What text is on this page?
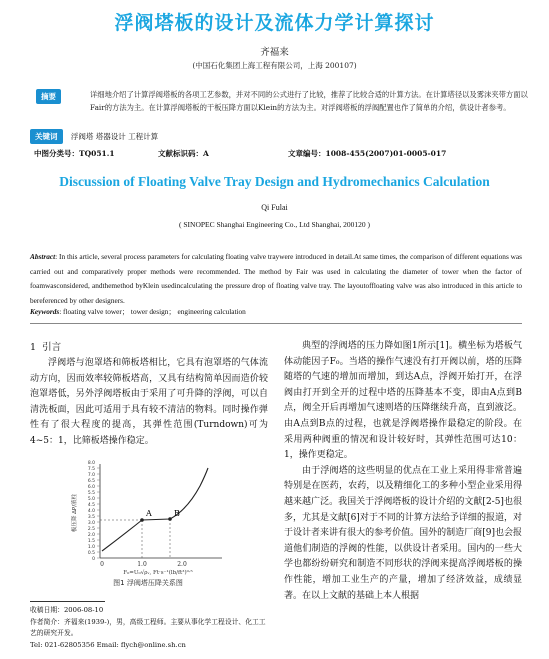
浮阀塔板的设计及流体力学计算探讨
齐福来
(中国石化集团上海工程有限公司，上海 200107)
摘要	详细地介绍了计算浮阀塔板的各项工艺参数，并对不同的公式进行了比较，推荐了比较合适的计算方法。在计算塔径以及雾沫夹带方面以Fair的方法为主。在计算浮阀塔板的干板压降方面以Klein的方法为主。对浮阀塔板的浮阀配置也作了简单的介绍，供设计者参考。
关键词 浮阀塔 塔器设计 工程计算
中图分类号：TQ051.1	文献标识码：A	文章编号：1008-455(2007)01-0005-017
Discussion of Floating Valve Tray Design and Hydromechanics Calculation
Qi Fulai
( SINOPEC Shanghai Engineering Co., Ltd Shanghai, 200120 )
Abstract: In this article, several process parameters for calculating floating valve traywere introduced in detail.At same times, the comparison of different equations was carried out and comparatively proper methods were recommended. The method by Fair was used in calculating the diameter of tower when the factor of foamwasconsidered, andthemethod byKlein usedincalculating the pressure drop of floating valve tray. The layoutoffloating valve was also introduced in this article to bereferenced by other designers.
Keywords: floating valve tower； tower design； engineering calculation
1 引言

浮阀塔与泡罩塔和筛板塔相比，它具有泡罩塔的气体流动方向，因而效率较筛板塔高，又具有结构简单因而造价较泡罩塔低，另外浮阀塔板由于采用了可升降的浮阀，可以自清洗板面，因此可适用于具有较不清洁的物料。同时操作弹性有了很大程度的提高，其弹性范围(Turndown)可为4~5：1，比筛板塔操作稳定。

A	B
0
0.5
1.0
1.5
2.0
2.5
3.0
3.5
4.0
4.5
5.0
5.5
6.0
6.5
7.0
7.5
8.0
0	1.0	2.0
板压降 ΔP/液柱
F₀=U₀√ρᵥ, Ft·s⁻¹(lb/ft³)⁰·⁵
图1 浮阀塔压降关系图
收稿日期：2006-08-10
作者简介：齐福来(1939-)，男，高级工程师。主要从事化学工程设计、化工工艺的研究开发。
Tel: 021-62805356 Email: flych@online.sh.cn

典型的浮阀塔的压力降如图1所示[1]。横坐标为塔板气体动能因子F₀。当塔的操作气速没有打开阀以前，塔的压降随塔的气速的增加而增加，到达A点，浮阀开始打开，在浮阀由打开到全开的过程中塔的压降基本不变，即由A点到B点，阀全开后再增加气速则塔的压降继续升高，直到液泛。由A点到B点的过程，也就是浮阀塔操作最稳定的阶段。在采用两种阀重的情况和设计较好时，其弹性范围可达10：1，操作更稳定。

由于浮阀塔的这些明显的优点在工业上采用得非常普遍特别是在医药，农药，以及精细化工的多种小型企业采用得越来越广泛。我国关于浮阀塔板的设计介绍的文献[2-5]也很多，尤其是文献[6]对于不同的计算方法给予详细的报道，对于设计者来讲有很大的参考价值。国外的制造厂商[9]也会报道他们制造的浮阀的性能，以供设计者采用。国内的一些大学也都纷纷研究和制造不同形状的浮阀来提高浮阀塔板的操作性能，增加工业生产的产量，增加了经济效益，成绩显著。在以上文献的基础上本人根据
